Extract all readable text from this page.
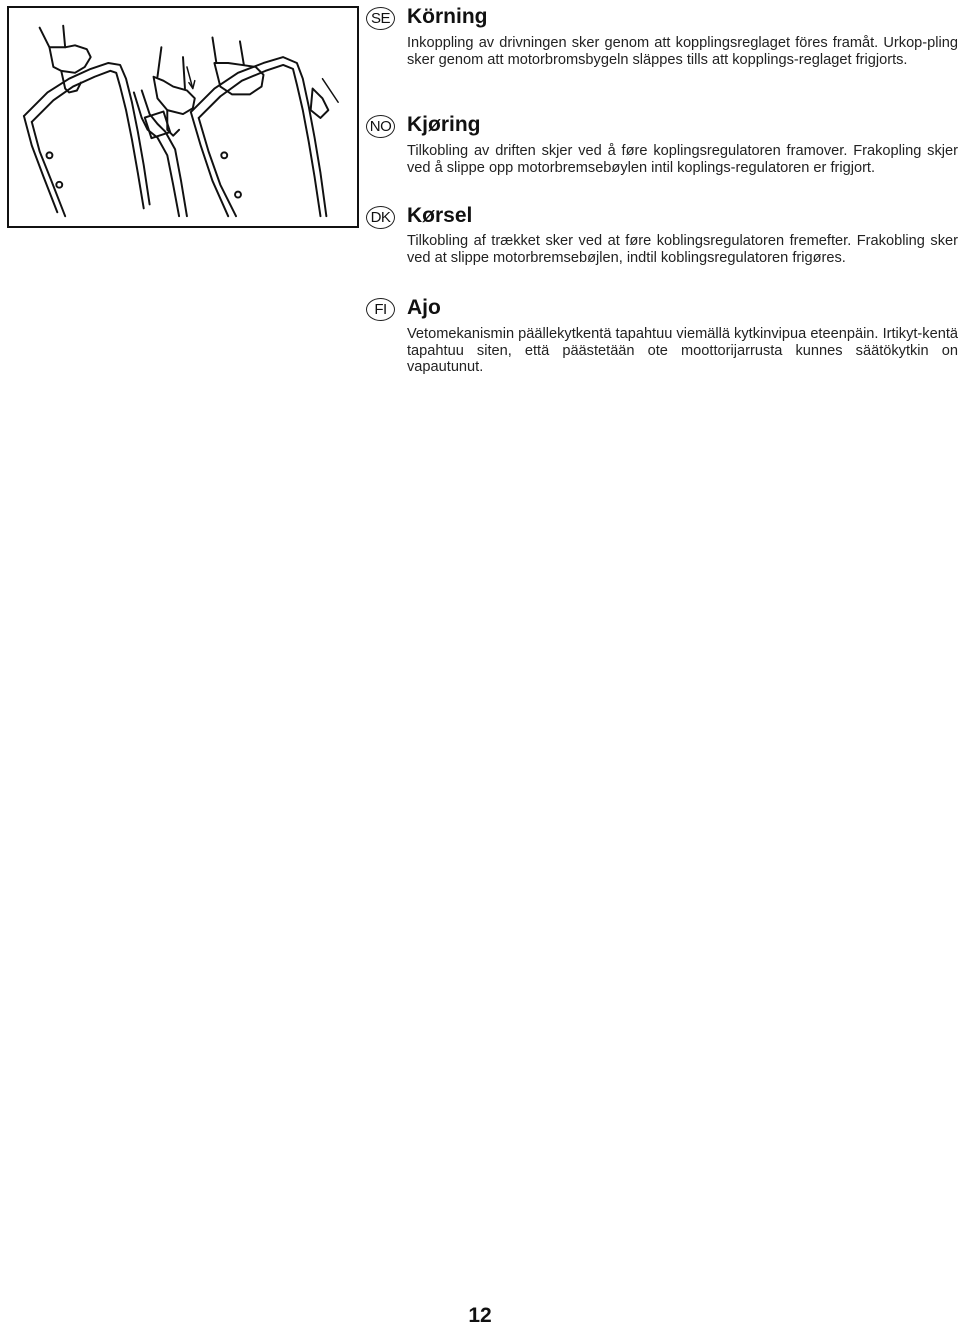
SE Körning
Inkoppling av drivningen sker genom att kopplingsreglaget föres framåt. Urkop-pling sker genom att motorbromsbygeln släppes tills att kopplings-reglaget frigjorts.
NO Kjøring
Tilkobling av driften skjer ved å føre koplingsregulatoren framover. Frakopling skjer ved å slippe opp motorbremsebøylen intil koplings-regulatoren er frigjort.
DK Kørsel
Tilkobling af trækket sker ved at føre koblingsregulatoren fremefter. Frakobling sker ved at slippe motorbremsebøjlen, indtil koblingsregulatoren frigøres.
FI Ajo
Vetomekanismin päällekytkentä tapahtuu viemällä kytkinvipua eteenpäin. Irtikyt-kentä tapahtuu siten, että päästetään ote moottorijarrusta kunnes säätökytkin on vapautunut.
12
